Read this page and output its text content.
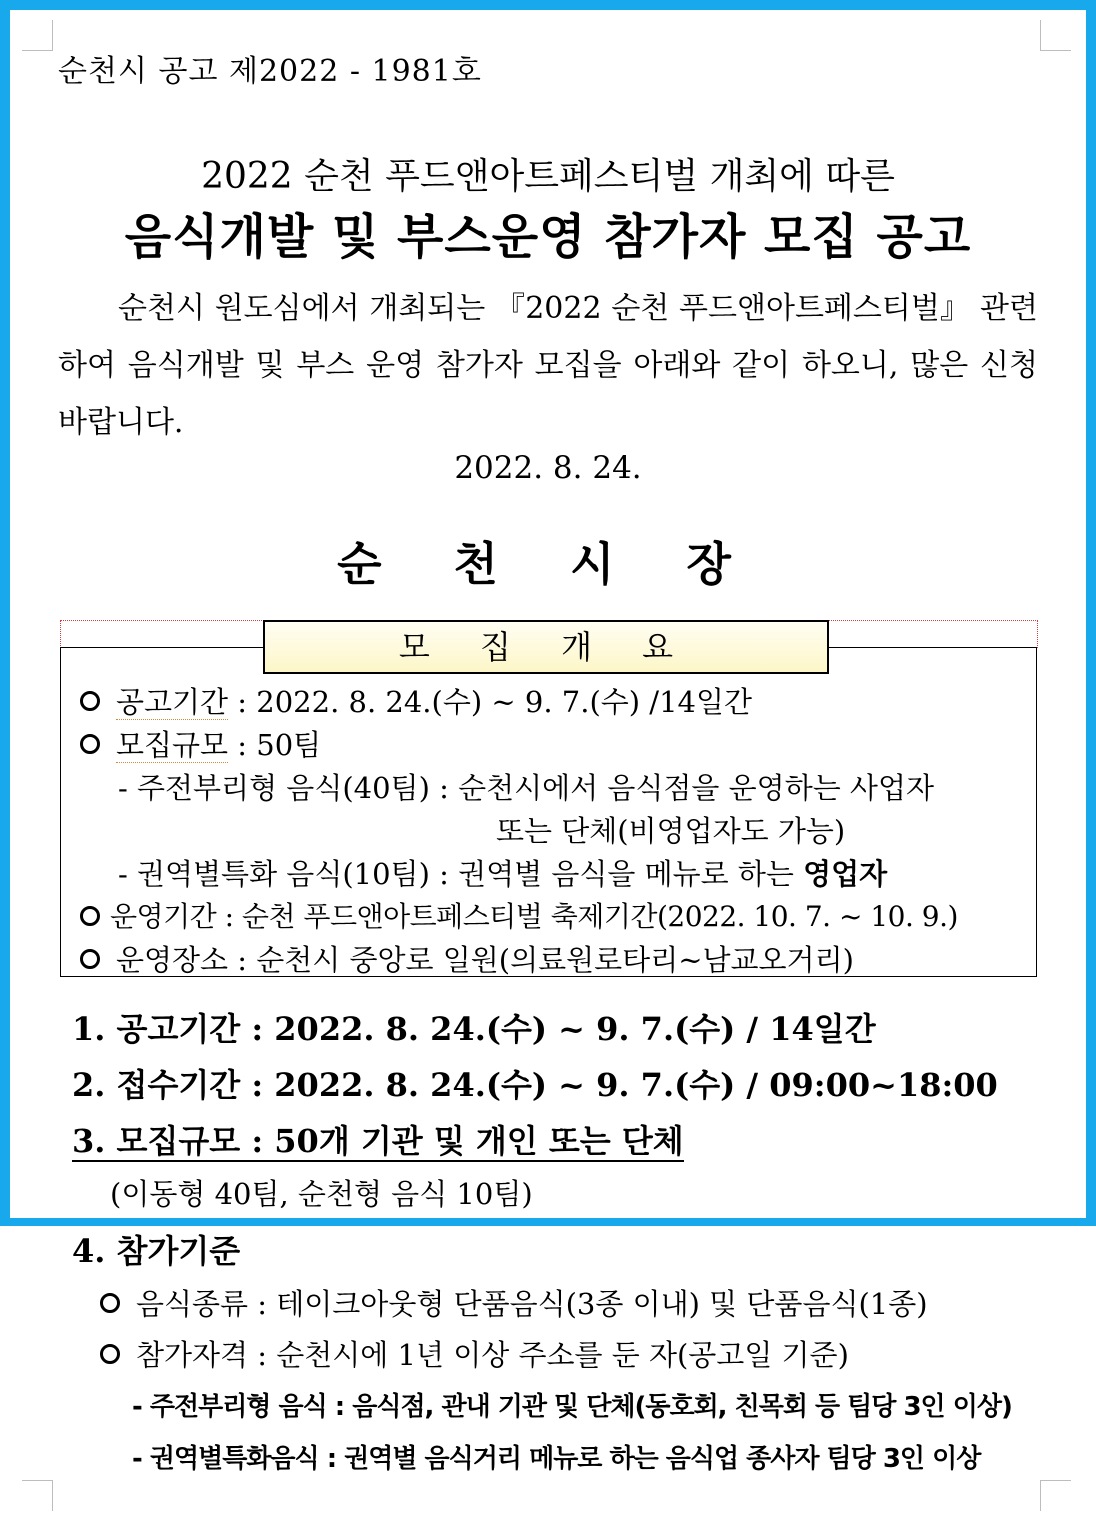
순천시 공고 제2022 - 1981호
2022 순천 푸드앤아트페스티벌 개최에 따른
음식개발 및 부스운영 참가자 모집 공고
순천시 원도심에서 개최되는 『2022 순천 푸드앤아트페스티벌』 관련하여 음식개발 및 부스 운영 참가자 모집을 아래와 같이 하오니, 많은 신청 바랍니다.
2022. 8. 24.
순 천 시 장
모 집 개 요
공고기간 : 2022. 8. 24.(수) ~ 9. 7.(수) /14일간
모집규모 : 50팀
- 주전부리형 음식(40팀) : 순천시에서 음식점을 운영하는 사업자
또는 단체(비영업자도 가능)
- 권역별특화 음식(10팀) : 권역별 음식을 메뉴로 하는 영업자
운영기간 : 순천 푸드앤아트페스티벌 축제기간(2022. 10. 7. ~ 10. 9.)
운영장소 : 순천시 중앙로 일원(의료원로타리~남교오거리)
1. 공고기간 : 2022. 8. 24.(수) ~ 9. 7.(수) / 14일간
2. 접수기간 : 2022. 8. 24.(수) ~ 9. 7.(수) / 09:00~18:00
3. 모집규모 : 50개 기관 및 개인 또는 단체
(이동형 40팀, 순천형 음식 10팀)
4. 참가기준
음식종류 : 테이크아웃형 단품음식(3종 이내) 및 단품음식(1종)
참가자격 : 순천시에 1년 이상 주소를 둔 자(공고일 기준)
- 주전부리형 음식 : 음식점, 관내 기관 및 단체(동호회, 친목회 등 팀당 3인 이상)
- 권역별특화음식 : 권역별 음식거리 메뉴로 하는 음식업 종사자 팀당 3인 이상
